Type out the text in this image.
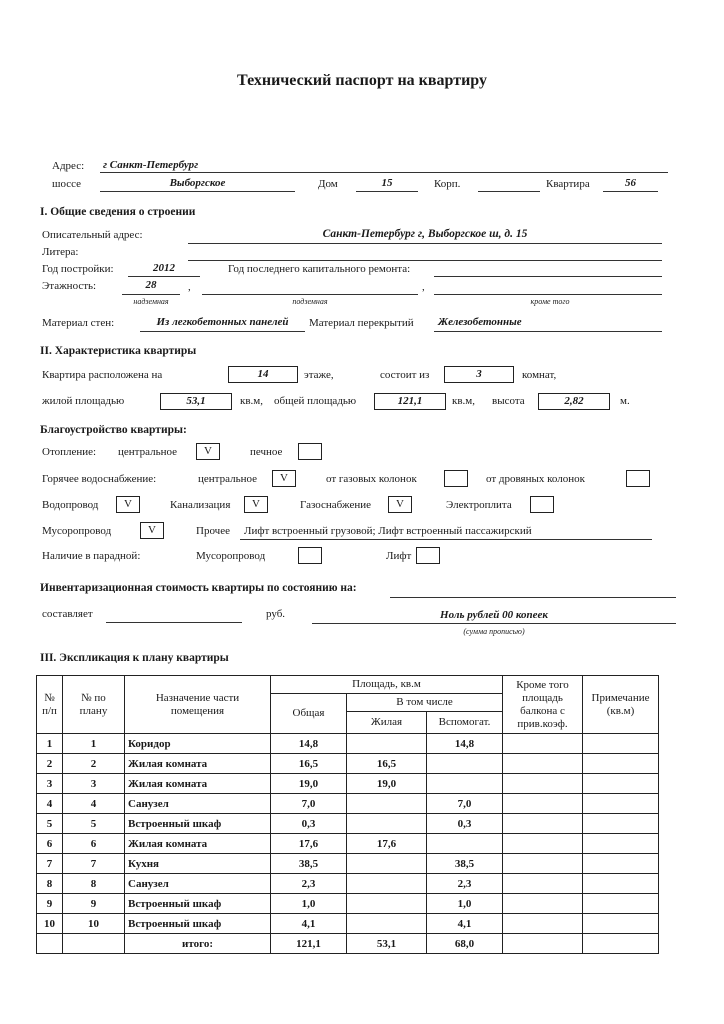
Технический паспорт на квартиру
Адрес: г Санкт-Петербург
шоссе	Выборгское	Дом	15	Корп.	Квартира	56
I. Общие сведения о строении
Описательный адрес:	Санкт-Петербург г, Выборгское ш, д. 15
Литера:
Год постройки:	2012	Год последнего капитального ремонта:
Этажность:	28	,	,
надземная	подземная	кроме того
Материал стен:	Из легкобетонных панелей	Материал перекрытий Железобетонные
II. Характеристика квартиры
Квартира расположена на	14	этаже,	состоит из	3	комнат,
жилой площадью	53,1	кв.м, общей площадью	121,1	кв.м, высота	2,82	м.
Благоустройство квартиры:
Отопление: центральное	V	печное
Горячее водоснабжение:	центральное	V	от газовых колонок	от дровяных колонок
Водопровод	V	Канализация	V	Газоснабжение	V	Электроплита
Мусоропровод	V	Прочее Лифт встроенный грузовой; Лифт встроенный пассажирский
Наличие в парадной:	Мусоропровод	Лифт
Инвентаризационная стоимость квартиры по состоянию на:
составляет	руб.	Ноль рублей 00 копеек
(сумма прописью)
III. Экспликация к плану квартиры
№ п/п	№ по плану	Назначение части помещения	Площадь, кв.м			Кроме того площадь балкона с прив.коэф.	Примечание (кв.м)
			Общая	В том числе			
				Жилая	Вспомогат.		
1	1	Коридор	14,8		14,8		
2	2	Жилая комната	16,5	16,5			
3	3	Жилая комната	19,0	19,0			
4	4	Санузел	7,0		7,0		
5	5	Встроенный шкаф	0,3		0,3		
6	6	Жилая комната	17,6	17,6			
7	7	Кухня	38,5		38,5		
8	8	Санузел	2,3		2,3		
9	9	Встроенный шкаф	1,0		1,0		
10	10	Встроенный шкаф	4,1		4,1		
		итого:	121,1	53,1	68,0		
